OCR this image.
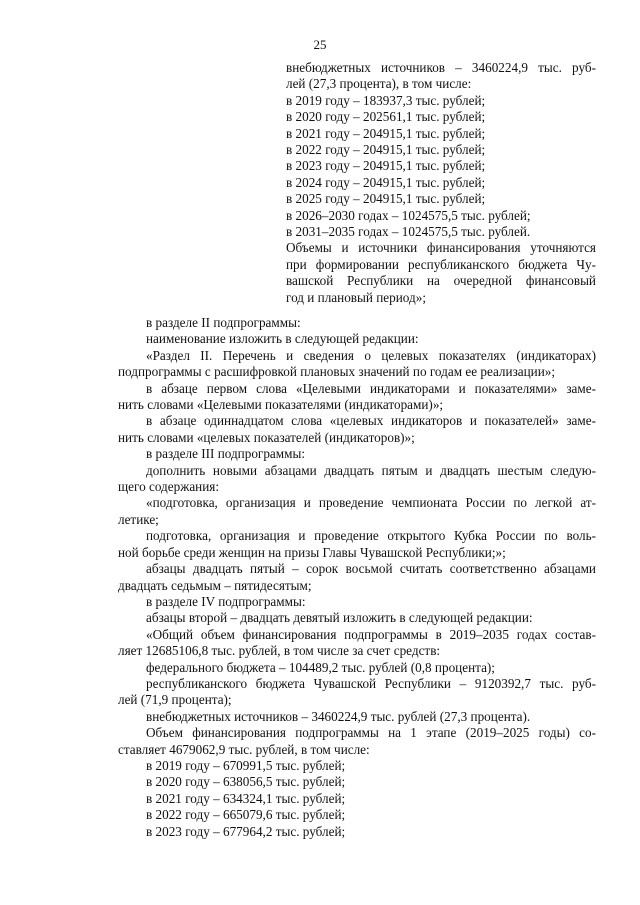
25
внебюджетных источников – 3460224,9 тыс. руб-
лей (27,3 процента), в том числе:
в 2019 году – 183937,3 тыс. рублей;
в 2020 году – 202561,1 тыс. рублей;
в 2021 году – 204915,1 тыс. рублей;
в 2022 году – 204915,1 тыс. рублей;
в 2023 году – 204915,1 тыс. рублей;
в 2024 году – 204915,1 тыс. рублей;
в 2025 году – 204915,1 тыс. рублей;
в 2026–2030 годах – 1024575,5 тыс. рублей;
в 2031–2035 годах – 1024575,5 тыс. рублей.
Объемы и источники финансирования уточняются
при формировании республиканского бюджета Чу-
вашской Республики на очередной финансовый
год и плановый период»;
в разделе II подпрограммы:
наименование изложить в следующей редакции:
«Раздел II. Перечень и сведения о целевых показателях (индикаторах)
подпрограммы с расшифровкой плановых значений по годам ее реализации»;
в абзаце первом слова «Целевыми индикаторами и показателями» заме-
нить словами «Целевыми показателями (индикаторами)»;
в абзаце одиннадцатом слова «целевых индикаторов и показателей» заме-
нить словами «целевых показателей (индикаторов)»;
в разделе III подпрограммы:
дополнить новыми абзацами двадцать пятым и двадцать шестым следую-
щего содержания:
«подготовка, организация и проведение чемпионата России по легкой ат-
летике;
подготовка, организация и проведение открытого Кубка России по воль-
ной борьбе среди женщин на призы Главы Чувашской Республики;»;
абзацы двадцать пятый – сорок восьмой считать соответственно абзацами
двадцать седьмым – пятидесятым;
в разделе IV подпрограммы:
абзацы второй – двадцать девятый изложить в следующей редакции:
«Общий объем финансирования подпрограммы в 2019–2035 годах состав-
ляет 12685106,8 тыс. рублей, в том числе за счет средств:
федерального бюджета – 104489,2 тыс. рублей (0,8 процента);
республиканского бюджета Чувашской Республики – 9120392,7 тыс. руб-
лей (71,9 процента);
внебюджетных источников – 3460224,9 тыс. рублей (27,3 процента).
Объем финансирования подпрограммы на 1 этапе (2019–2025 годы) со-
ставляет 4679062,9 тыс. рублей, в том числе:
в 2019 году – 670991,5 тыс. рублей;
в 2020 году – 638056,5 тыс. рублей;
в 2021 году – 634324,1 тыс. рублей;
в 2022 году – 665079,6 тыс. рублей;
в 2023 году – 677964,2 тыс. рублей;
